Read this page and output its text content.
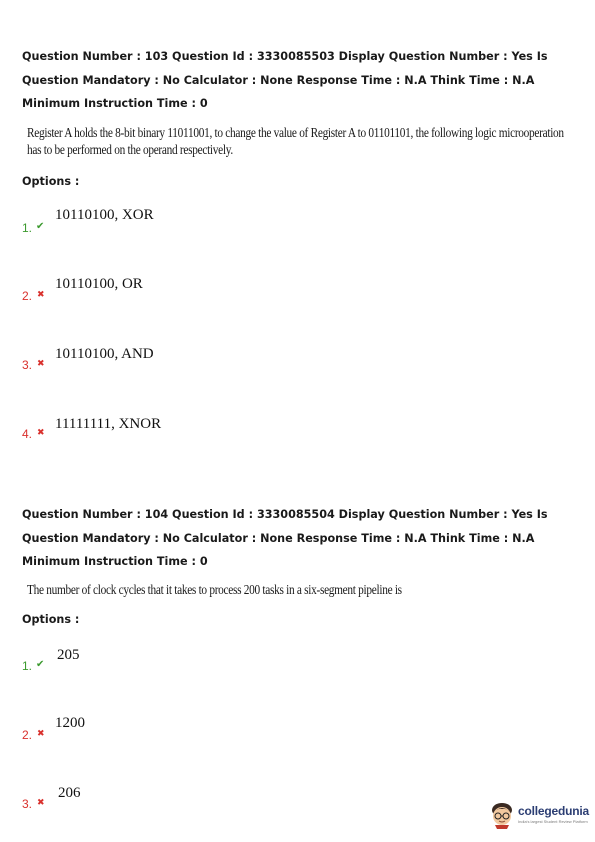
Question Number : 103 Question Id : 3330085503 Display Question Number : Yes Is Question Mandatory : No Calculator : None Response Time : N.A Think Time : N.A Minimum Instruction Time : 0
Register A holds the 8-bit binary 11011001, to change the value of Register A to 01101101, the following logic microoperation has to be performed on the operand respectively.
Options :
1. ✔
10110100, XOR
2. ✖
10110100, OR
3. ✖
10110100, AND
4. ✖ 11111111, XNOR
Question Number : 104 Question Id : 3330085504 Display Question Number : Yes Is Question Mandatory : No Calculator : None Response Time : N.A Think Time : N.A Minimum Instruction Time : 0
The number of clock cycles that it takes to process 200 tasks in a six-segment pipeline is
Options :
1. ✔
205
2. ✖
1200
3. ✖
206
collegedunia
India's largest Student Review Platform
